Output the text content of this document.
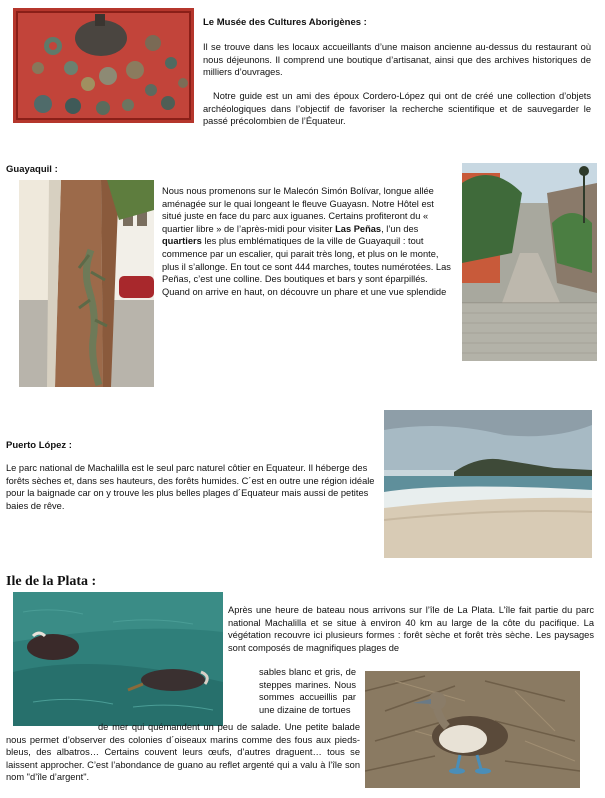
Le Musée des Cultures Aborigènes :

Il se trouve dans les locaux accueillants d’une maison ancienne au-dessus du restaurant où nous déjeunons. Il comprend une boutique d’artisanat, ainsi que des archives historiques de milliers d’ouvrages.

Notre guide est un ami des époux Cordero-López qui ont de créé une collection d’objets archéologiques dans l’objectif de favoriser la recherche scientifique et de sauvegarder le passé précolombien de l’Équateur.

Guayaquil :

Nous nous promenons sur le Malecón Simón Bolívar, longue allée aménagée sur le quai longeant le fleuve Guayasn. Notre Hôtel est situé juste en face du parc aux iguanes. Certains profiteront du « quartier libre » de l’après-midi pour visiter Las Peñas, l’un des quartiers les plus emblématiques de la ville de Guayaquil : tout commence par un escalier, qui parait très long, et plus on le monte, plus il s’allonge. En tout ce sont 444 marches, toutes numérotées. Las Peñas, c’est une colline. Des boutiques et bars y sont éparpillés. Quand on arrive en haut, on découvre un phare et une vue splendide

Puerto López :

Le parc national de Machalilla est le seul parc naturel côtier en Equateur. Il héberge des forêts sèches et, dans ses hauteurs, des forêts humides. C´est en outre une région idéale pour la baignade car on y trouve les plus belles plages d´Equateur mais aussi de petites baies de rêve.

Ile de la Plata :

Après une heure de bateau nous arrivons sur l’île de La Plata. L’île fait partie du parc national Machalilla et se situe à environ 40 km au large de la côte du pacifique. La végétation recouvre ici plusieurs formes : forêt sèche et forêt très sèche. Les paysages sont composés de magnifiques plages de

sables blanc et gris, de steppes marines. Nous sommes accueillis par une dizaine de tortues

de mer qui quémandent un peu de salade. Une petite balade nous permet d’observer des colonies d´oiseaux marins comme des fous aux pieds-bleus, des albatros… Certains couvent leurs œufs, d’autres draguent… tous se laissent approcher. C’est l’abondance de guano au reflet argenté qui a valu à l’île son nom "d’île d’argent".
